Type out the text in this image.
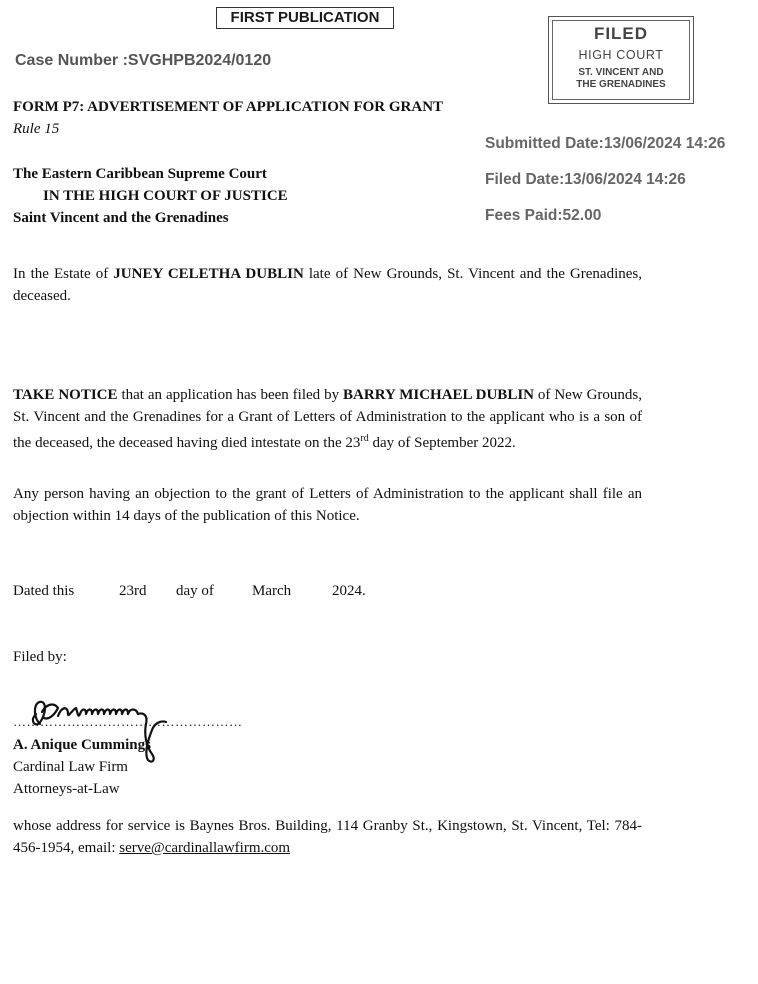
FIRST PUBLICATION
Case Number :SVGHPB2024/0120
FILED
HIGH COURT
ST. VINCENT AND
THE GRENADINES
Submitted Date:13/06/2024 14:26
Filed Date:13/06/2024 14:26
Fees Paid:52.00
FORM P7: ADVERTISEMENT OF APPLICATION FOR GRANT
Rule 15
The Eastern Caribbean Supreme Court
IN THE HIGH COURT OF JUSTICE
Saint Vincent and the Grenadines
In the Estate of JUNEY CELETHA DUBLIN late of New Grounds, St. Vincent and the Grenadines, deceased.
TAKE NOTICE that an application has been filed by BARRY MICHAEL DUBLIN of New Grounds, St. Vincent and the Grenadines for a Grant of Letters of Administration to the applicant who is a son of the deceased, the deceased having died intestate on the 23rd day of September 2022.
Any person having an objection to the grant of Letters of Administration to the applicant shall file an objection within 14 days of the publication of this Notice.
Dated this	23rd day of	March	2024.
Filed by:
……………………………………………
A. Anique Cummings
Cardinal Law Firm
Attorneys-at-Law
whose address for service is Baynes Bros. Building, 114 Granby St., Kingstown, St. Vincent, Tel: 784-456-1954, email: serve@cardinallawfirm.com
